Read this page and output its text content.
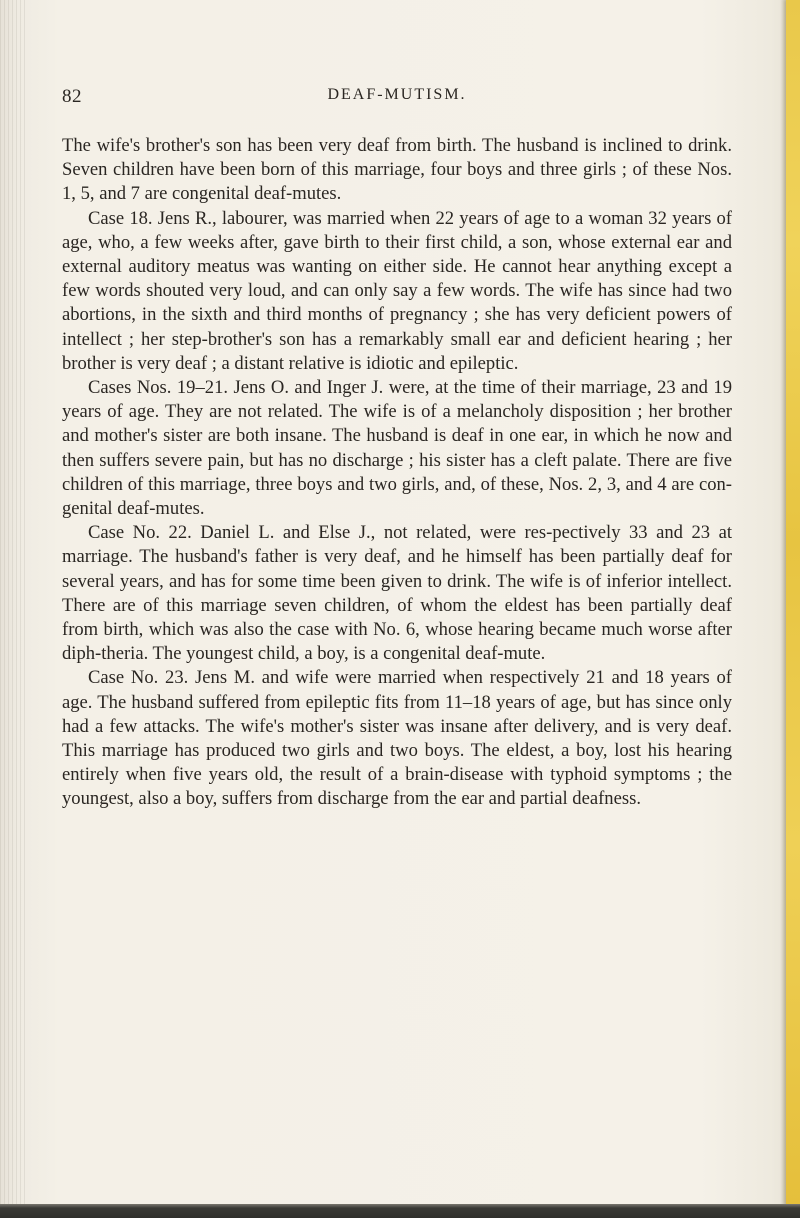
82	DEAF-MUTISM.

The wife's brother's son has been very deaf from birth. The husband is inclined to drink. Seven children have been born of this marriage, four boys and three girls ; of these Nos. 1, 5, and 7 are congenital deaf-mutes.

Case 18. Jens R., labourer, was married when 22 years of age to a woman 32 years of age, who, a few weeks after, gave birth to their first child, a son, whose external ear and external auditory meatus was wanting on either side. He cannot hear anything except a few words shouted very loud, and can only say a few words. The wife has since had two abortions, in the sixth and third months of pregnancy ; she has very deficient powers of intellect ; her step-brother's son has a remarkably small ear and deficient hearing ; her brother is very deaf ; a distant relative is idiotic and epileptic.

Cases Nos. 19–21. Jens O. and Inger J. were, at the time of their marriage, 23 and 19 years of age. They are not related. The wife is of a melancholy disposition ; her brother and mother's sister are both insane. The husband is deaf in one ear, in which he now and then suffers severe pain, but has no discharge ; his sister has a cleft palate. There are five children of this marriage, three boys and two girls, and, of these, Nos. 2, 3, and 4 are con-genital deaf-mutes.

Case No. 22. Daniel L. and Else J., not related, were res-pectively 33 and 23 at marriage. The husband's father is very deaf, and he himself has been partially deaf for several years, and has for some time been given to drink. The wife is of inferior intellect. There are of this marriage seven children, of whom the eldest has been partially deaf from birth, which was also the case with No. 6, whose hearing became much worse after diph-theria. The youngest child, a boy, is a congenital deaf-mute.

Case No. 23. Jens M. and wife were married when respectively 21 and 18 years of age. The husband suffered from epileptic fits from 11–18 years of age, but has since only had a few attacks. The wife's mother's sister was insane after delivery, and is very deaf. This marriage has produced two girls and two boys. The eldest, a boy, lost his hearing entirely when five years old, the result of a brain-disease with typhoid symptoms ; the youngest, also a boy, suffers from discharge from the ear and partial deafness.
